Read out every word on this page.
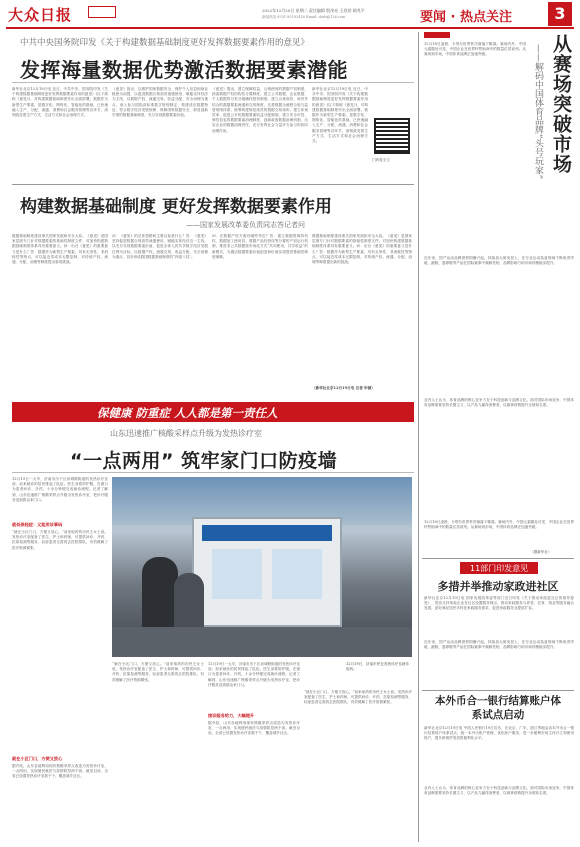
大众日报	2022年12月20日 星期二 责任编辑 殷茂亮 王欣玥 顾兆平
新闻热线 0531-85193450 Email: dzrb@126.com	要闻 · 热点关注	3
中共中央国务院印发《关于构建数据基础制度更好发挥数据要素作用的意见》
发挥海量数据优势激活数据要素潜能
新华社北京12月19日电 近日，中共中央、国务院印发《关于构建数据基础制度更好发挥数据要素作用的意见》(以下简称《意见》)，对构建数据基础制度作出全面部署。数据作为新型生产要素，是数字化、网络化、智能化的基础，已快速融入生产、分配、流通、消费和社会服务管理等各环节，深刻改变着生产方式、生活方式和社会治理方式。
《意见》指出，以维护国家数据安全、保护个人信息和商业秘密为前提，以促进数据合规高效流通使用、赋能实体经济为主线，以数据产权、流通交易、收益分配、安全治理为重点，深入参与国际高标准数字规则制定，构建适应数据特征、符合数字经济发展规律、保障国家数据安全、彰显创新引领的数据基础制度，充分实现数据要素价值。
《意见》提出，建立保障权益、合规使用的数据产权制度，探索数据产权结构性分置制度，建立公共数据、企业数据、个人数据的分类分级确权授权制度。建立合规高效、场内外结合的数据要素流通和交易制度，完善数据全流程合规与监管规则体系，统筹构建规范高效的数据交易场所。建立体现效率、促进公平的数据要素收益分配制度。建立安全可控、弹性包容的数据要素治理制度，创新政府数据治理机制，压实企业的数据治理责任，充分发挥社会力量多方参与的协同治理作用。
新华社北京12月19日电 近日，中共中央、国务院印发《关于构建数据基础制度更好发挥数据要素作用的意见》(以下简称《意见》)，对构建数据基础制度作出全面部署。数据作为新型生产要素，是数字化、网络化、智能化的基础，已快速融入生产、分配、流通、消费和社会服务管理等各环节，深刻改变着生产方式、生活方式和社会治理方式。
扫码看全文
构建数据基础制度 更好发挥数据要素作用
——国家发展改革委负责同志答记者问
数据基础制度建设事关国家发展和安全大局。《意见》是国家层面专门针对数据要素的基础性制度文件，对加快构建数据基础制度体系具有重要意义。问：出台《意见》的重要意义是什么？答：数据作为新型生产要素，具有无形性、非消耗性等特点，可以接近零成本无限复制，对传统产权、流通、分配、治理等制度提出新的挑战。
问：《意见》的总体思路和主要目标是什么？答：《意见》坚持促进数据合规高效流通使用、赋能实体经济这一主线，以充分实现数据要素价值、促进全体人民共享数字经济发展红利为目标，以数据产权、流通交易、收益分配、安全治理为重点，初步形成我国数据基础制度的“四梁八柱”。
问：在数据产权方面有哪些考虑？答：建立数据资源持有权、数据加工使用权、数据产品经营权等分置的产权运行机制，推进非公共数据按市场化方式“共同使用、共享收益”的新模式，为激活数据要素价值创造和价值实现提供基础性制度保障。
数据基础制度建设事关国家发展和安全大局。《意见》是国家层面专门针对数据要素的基础性制度文件，对加快构建数据基础制度体系具有重要意义。问：出台《意见》的重要意义是什么？答：数据作为新型生产要素，具有无形性、非消耗性等特点，可以接近零成本无限复制，对传统产权、流通、分配、治理等制度提出新的挑战。
（新华社北京12月19日电 记者 申铖）
保健康 防重症 人人都是第一责任人
山东迅速推广核酸采样点升级为发热诊疗室
“一点两用” 筑牢家门口防疫墙
12月19日一大早，济南市历下区泉城路街道的发热诊疗室前，前来就诊的居民排起了队伍。医生身着防护服，在窗口为患者问诊、开药，十余分钟便完成就诊流程。记者了解到，山东迅速推广核酸采样点升级为发热诊疗室，把诊疗服务送到群众家门口。
就低保轻症：又能用诊事码
“就在小区门口，方便又放心。”前来取药的市民王女士说。发热诊疗室配备了医生、护士和药师，可提供问诊、开药、抗原检测等服务，轻症患者无需再去医院排队，有效缓解了医疗资源紧张。
就在小区门口，方便又放心
据介绍，山东各地利用现有核酸采样点改造为发热诊疗室，一点两用，实现便民就医与疫情防控两不误。截至目前，全省已设置发热诊疗室数千个，覆盖城乡社区。
12月19日，济南市民在发热诊疗室就诊取药。
“就在小区门口，方便又放心。”前来取药的市民王女士说。发热诊疗室配备了医生、护士和药师，可提供问诊、开药、抗原检测等服务，轻症患者无需再去医院排队，有效缓解了医疗资源紧张。
12月19日一大早，济南市历下区泉城路街道的发热诊疗室前，前来就诊的居民排起了队伍。医生身着防护服，在窗口为患者问诊、开药，十余分钟便完成就诊流程。记者了解到，山东迅速推广核酸采样点升级为发热诊疗室，把诊疗服务送到群众家门口。
接诊服务给力，大幅提升
据介绍，山东各地利用现有核酸采样点改造为发热诊疗室，一点两用，实现便民就医与疫情防控两不误。截至目前，全省已设置发热诊疗室数千个，覆盖城乡社区。
“就在小区门口，方便又放心。”前来取药的市民王女士说。发热诊疗室配备了医生、护士和药师，可提供问诊、开药、抗原检测等服务，轻症患者无需再去医院排队，有效缓解了医疗资源紧张。
12月18日凌晨，卡塔尔世界杯决赛落下帷幕。赛场内外，中国元素随处可见，中国企业在世界杯赞助商中的数量位居前列。从赛场到市场，中国体育品牌正加速突破。	从赛场突破市场
——解码中国体育品牌“头号玩家”
近年来，国产运动品牌借势国潮兴起，持续加大研发投入，在专业运动装备领域不断取得突破，跑鞋、篮球鞋等产品在国际赛事中频频亮相，品牌影响力和市场份额稳步提升。
业内人士认为，体育品牌的核心竞争力在于科技创新与品牌文化。面对国际市场竞争，中国体育品牌需要坚持长期主义，以产品力赢得消费者，以赛事营销提升全球知名度。
12月18日凌晨，卡塔尔世界杯决赛落下帷幕。赛场内外，中国元素随处可见，中国企业在世界杯赞助商中的数量位居前列。从赛场到市场，中国体育品牌正加速突破。
（据新华社）
11部门印发意见
多措并举推动家政进社区
新华社北京12月19日电 国家发展改革委等部门近日印发《关于推动家政进社区的指导意见》，提出支持家政企业在社区设置服务网点，推动家政服务与养老、托育、物业等服务融合发展，更好满足居民多样化家政服务需求，促进家政服务业提质扩容。
近年来，国产运动品牌借势国潮兴起，持续加大研发投入，在专业运动装备领域不断取得突破，跑鞋、篮球鞋等产品在国际赛事中频频亮相，品牌影响力和市场份额稳步提升。
本外币合一银行结算账户体系试点启动
新华社北京12月19日电 中国人民银行19日宣布，在北京、广东、浙江等地启动本外币合一银行结算账户体系试点，统一本外币账户管理，优化账户服务，进一步便利市场主体开立和使用账户，提升跨境贸易投资便利化水平。
业内人士认为，体育品牌的核心竞争力在于科技创新与品牌文化。面对国际市场竞争，中国体育品牌需要坚持长期主义，以产品力赢得消费者，以赛事营销提升全球知名度。
